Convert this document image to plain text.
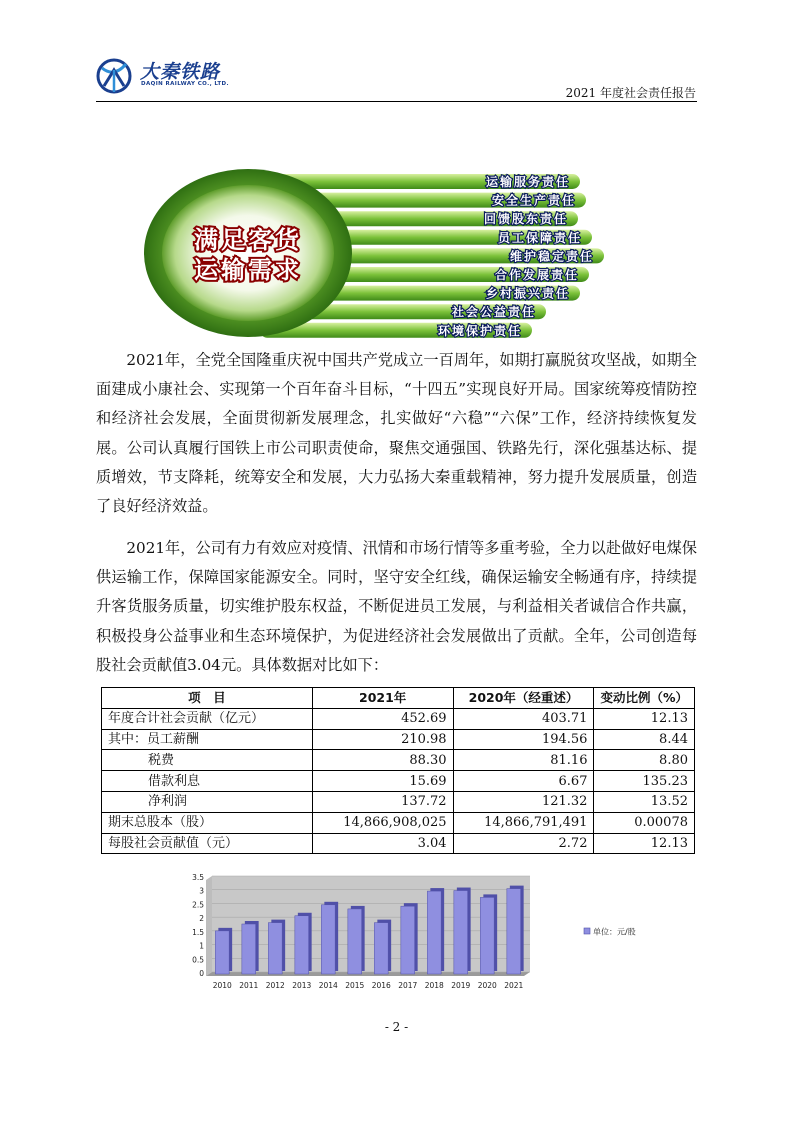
大秦铁路
DAQIN RAILWAY CO., LTD.
2021 年度社会责任报告
运输服务责任
安全生产责任
回馈股东责任
员工保障责任
维护稳定责任
合作发展责任
乡村振兴责任
社会公益责任
环境保护责任
满足客货
运输需求

2021年，全党全国隆重庆祝中国共产党成立一百周年，如期打赢脱贫攻坚战，如期全面建成小康社会、实现第一个百年奋斗目标，“十四五”实现良好开局。国家统筹疫情防控和经济社会发展，全面贯彻新发展理念，扎实做好“六稳”“六保”工作，经济持续恢复发展。公司认真履行国铁上市公司职责使命，聚焦交通强国、铁路先行，深化强基达标、提质增效，节支降耗，统筹安全和发展，大力弘扬大秦重载精神，努力提升发展质量，创造了良好经济效益。

2021年，公司有力有效应对疫情、汛情和市场行情等多重考验，全力以赴做好电煤保供运输工作，保障国家能源安全。同时，坚守安全红线，确保运输安全畅通有序，持续提升客货服务质量，切实维护股东权益，不断促进员工发展，与利益相关者诚信合作共赢，积极投身公益事业和生态环境保护，为促进经济社会发展做出了贡献。全年，公司创造每股社会贡献值3.04元。具体数据对比如下：

项　目	2021年	2020年（经重述）	变动比例（%）
年度合计社会贡献（亿元）	452.69	403.71	12.13
其中：员工薪酬	210.98	194.56	8.44
税费	88.30	81.16	8.80
借款利息	15.69	6.67	135.23
净利润	137.72	121.32	13.52
期末总股本（股）	14,866,908,025	14,866,791,491	0.00078
每股社会贡献值（元）	3.04	2.72	12.13
0
0.5
1
1.5
2
2.5
3
3.5
2010 2011 2012 2013 2014 2015 2016 2017 2018 2019 2020 2021
单位：元/股
- 2 -
